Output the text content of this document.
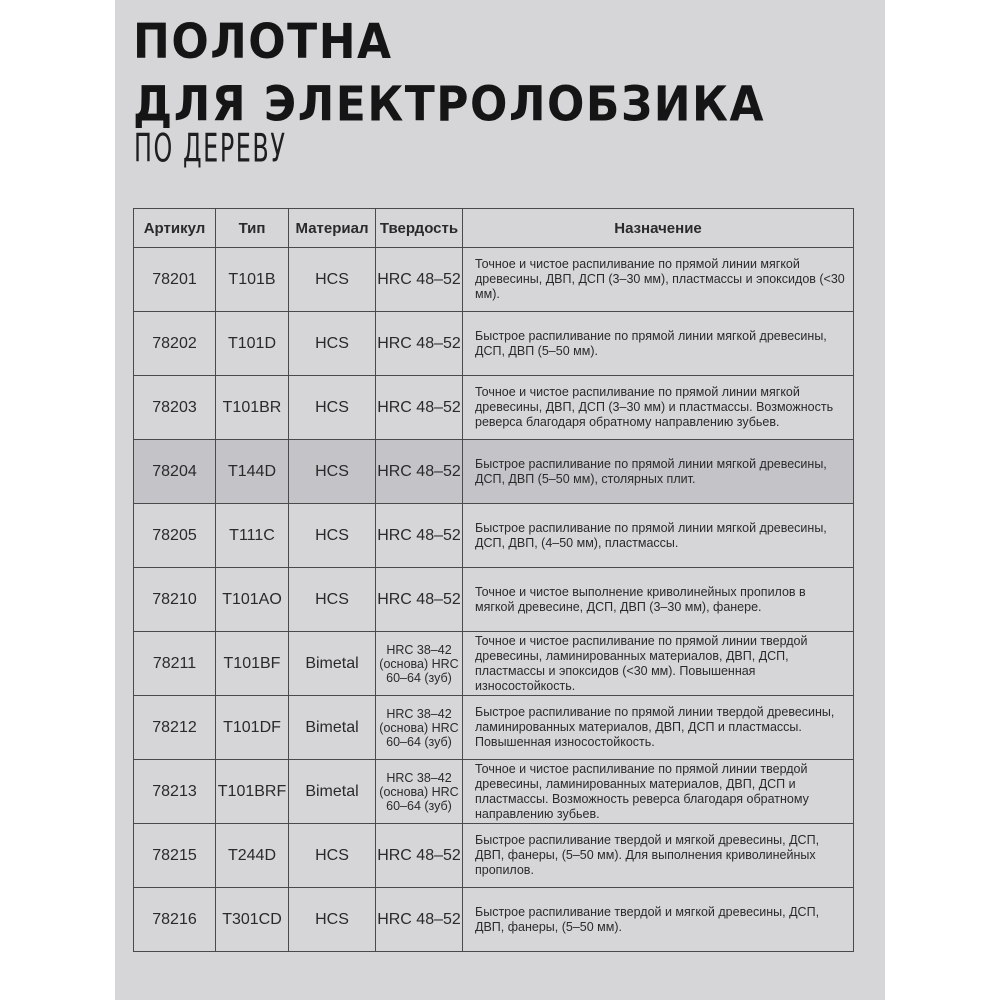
ПОЛОТНА
ДЛЯ ЭЛЕКТРОЛОБЗИКА
ПО ДЕРЕВУ
Артикул	Тип	Материал	Твердость	Назначение
78201	T101B	HCS	HRC 48–52	Точное и чистое распиливание по прямой линии мягкой древесины, ДВП, ДСП (3–30 мм), пластмассы и эпоксидов (<30 мм).
78202	T101D	HCS	HRC 48–52	Быстрое распиливание по прямой линии мягкой древесины, ДСП, ДВП (5–50 мм).
78203	T101BR	HCS	HRC 48–52	Точное и чистое распиливание по прямой линии мягкой древесины, ДВП, ДСП (3–30 мм) и пластмассы. Возможность реверса благодаря обратному направлению зубьев.
78204	T144D	HCS	HRC 48–52	Быстрое распиливание по прямой линии мягкой древесины, ДСП, ДВП (5–50 мм), столярных плит.
78205	T111C	HCS	HRC 48–52	Быстрое распиливание по прямой линии мягкой древесины, ДСП, ДВП, (4–50 мм), пластмассы.
78210	T101AO	HCS	HRC 48–52	Точное и чистое выполнение криволинейных пропилов в мягкой древесине, ДСП, ДВП (3–30 мм), фанере.
78211	T101BF	Bimetal	HRC 38–42 (основа) HRC 60–64 (зуб)	Точное и чистое распиливание по прямой линии твердой древесины, ламинированных материалов, ДВП, ДСП, пластмассы и эпоксидов (<30 мм). Повышенная износостойкость.
78212	T101DF	Bimetal	HRC 38–42 (основа) HRC 60–64 (зуб)	Быстрое распиливание по прямой линии твердой древесины, ламинированных материалов, ДВП, ДСП и пластмассы. Повышенная износостойкость.
78213	T101BRF	Bimetal	HRC 38–42 (основа) HRC 60–64 (зуб)	Точное и чистое распиливание по прямой линии твердой древесины, ламинированных материалов, ДВП, ДСП и пластмассы. Возможность реверса благодаря обратному направлению зубьев.
78215	T244D	HCS	HRC 48–52	Быстрое распиливание твердой и мягкой древесины, ДСП, ДВП, фанеры, (5–50 мм). Для выполнения криволинейных пропилов.
78216	T301CD	HCS	HRC 48–52	Быстрое распиливание твердой и мягкой древесины, ДСП, ДВП, фанеры, (5–50 мм).
